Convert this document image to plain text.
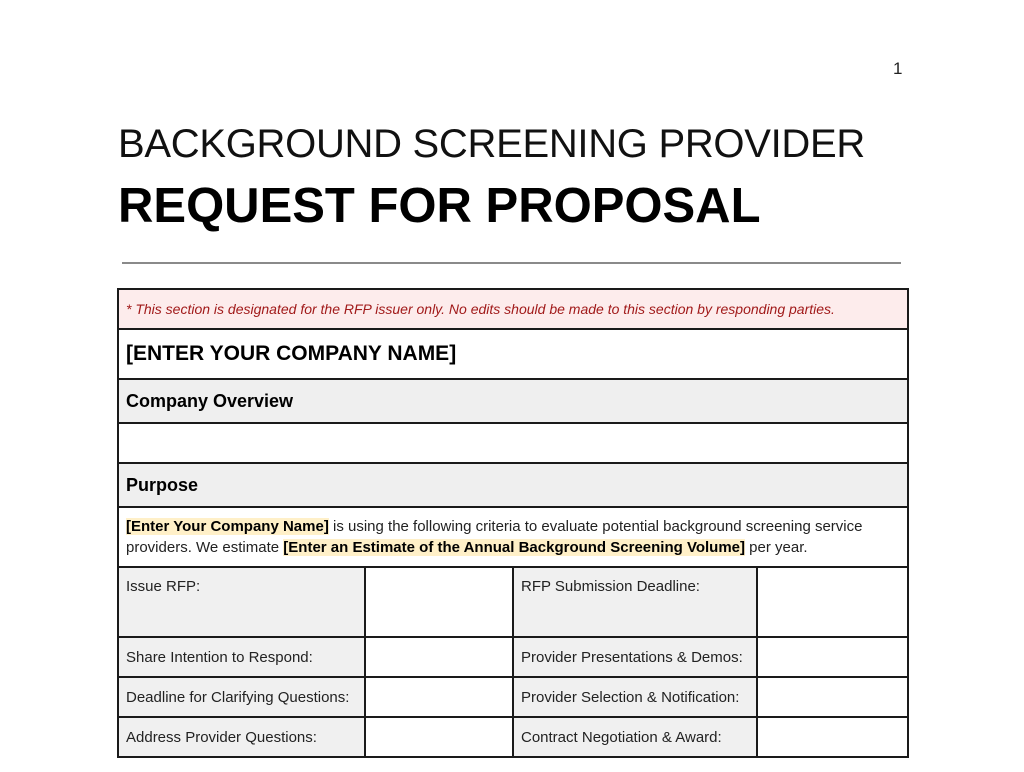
1
BACKGROUND SCREENING PROVIDER
REQUEST FOR PROPOSAL
* This section is designated for the RFP issuer only. No edits should be made to this section by responding parties.			
[ENTER YOUR COMPANY NAME]			
Company Overview			

Purpose			
[Enter Your Company Name] is using the following criteria to evaluate potential background screening service providers. We estimate [Enter an Estimate of the Annual Background Screening Volume] per year.			
Issue RFP:		RFP Submission Deadline:	
Share Intention to Respond:		Provider Presentations & Demos:	
Deadline for Clarifying Questions:		Provider Selection & Notification:	
Address Provider Questions:		Contract Negotiation & Award:	
